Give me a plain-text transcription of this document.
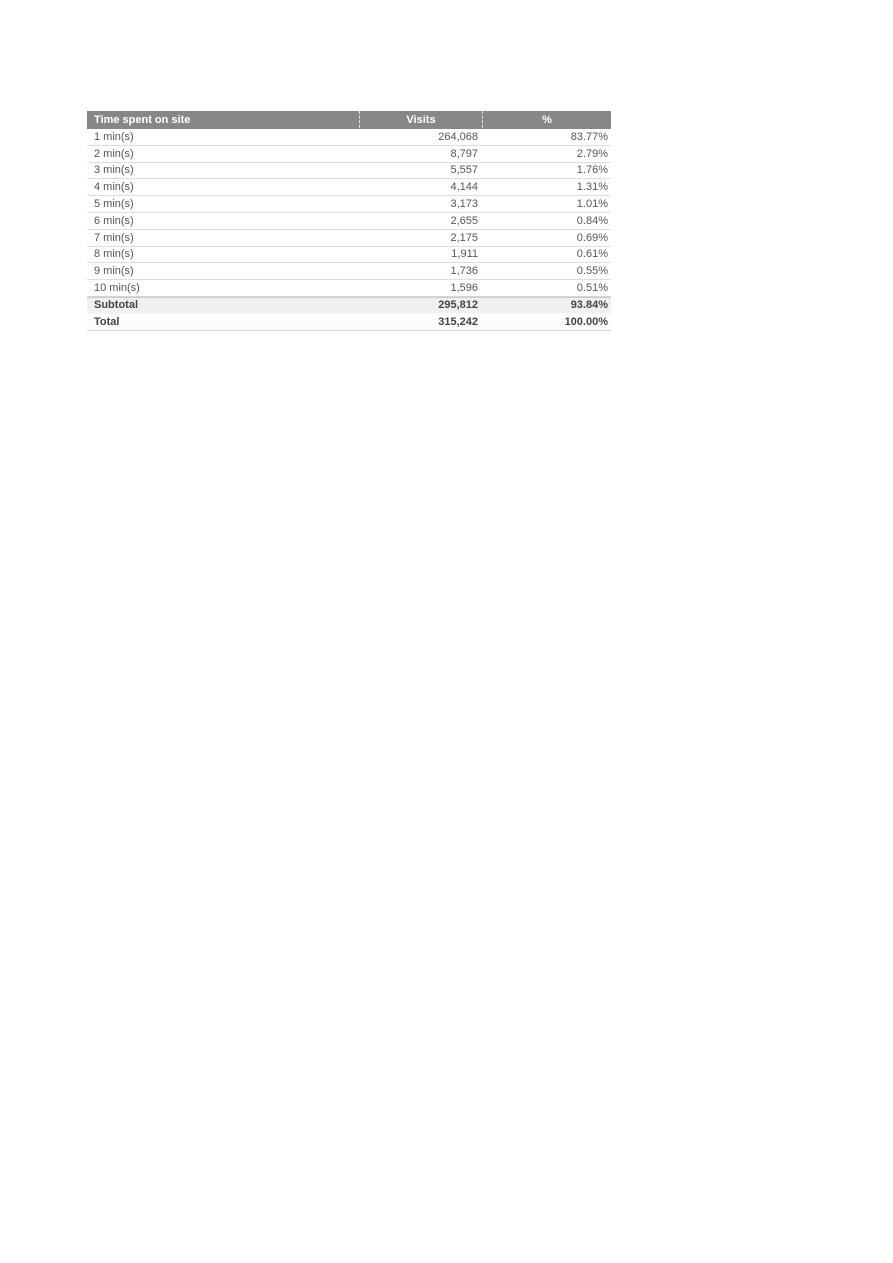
Time spent on site	Visits	%
1 min(s)	264,068	83.77%
2 min(s)	8,797	2.79%
3 min(s)	5,557	1.76%
4 min(s)	4,144	1.31%
5 min(s)	3,173	1.01%
6 min(s)	2,655	0.84%
7 min(s)	2,175	0.69%
8 min(s)	1,911	0.61%
9 min(s)	1,736	0.55%
10 min(s)	1,596	0.51%
Subtotal	295,812	93.84%
Total	315,242	100.00%
